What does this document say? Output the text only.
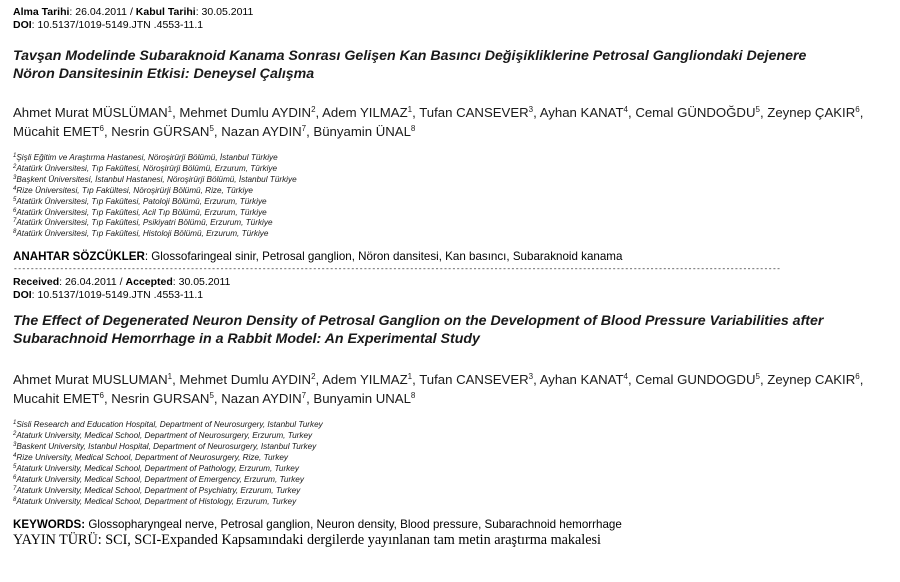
Alma Tarihi: 26.04.2011 / Kabul Tarihi: 30.05.2011
DOI: 10.5137/1019-5149.JTN .4553-11.1
Tavşan Modelinde Subaraknoid Kanama Sonrası Gelişen Kan Basıncı Değişikliklerine Petrosal Gangliondaki Dejenere
Nöron Dansitesinin Etkisi: Deneysel Çalışma
Ahmet Murat MÜSLÜMAN$^1$, Mehmet Dumlu AYDIN$^2$, Adem YILMAZ$^1$, Tufan CANSEVER$^3$, Ayhan KANAT$^4$, Cemal GÜNDOĞDU$^5$, Zeynep ÇAKIR$^6$, Mücahit EMET$^6$, Nesrin GÜRSAN$^5$, Nazan AYDIN$^7$, Bünyamin ÜNAL$^8$
$^1$Şişli Eğitim ve Araştırma Hastanesi, Nöroşirürji Bölümü, İstanbul Türkiye
$^2$Atatürk Üniversitesi, Tıp Fakültesi, Nöroşirürji Bölümü, Erzurum, Türkiye
$^3$Başkent Üniversitesi, İstanbul Hastanesi, Nöroşirürji Bölümü, İstanbul Türkiye
$^4$Rize Üniversitesi, Tıp Fakültesi, Nöroşirürji Bölümü, Rize, Türkiye
$^5$Atatürk Üniversitesi, Tıp Fakültesi, Patoloji Bölümü, Erzurum, Türkiye
$^6$Atatürk Üniversitesi, Tıp Fakültesi, Acil Tıp Bölümü, Erzurum, Türkiye
$^7$Atatürk Üniversitesi, Tıp Fakültesi, Psikiyatri Bölümü, Erzurum, Türkiye
$^8$Atatürk Üniversitesi, Tıp Fakültesi, Histoloji Bölümü, Erzurum, Türkiye
ANAHTAR SÖZCÜKLER: Glossofaringeal sinir, Petrosal ganglion, Nöron dansitesi, Kan basıncı, Subaraknoid kanama
--------------------------------------------------------------------------------------------------------------------------------------------------------------------------------------
Received: 26.04.2011 / Accepted: 30.05.2011
DOI: 10.5137/1019-5149.JTN .4553-11.1
The Effect of Degenerated Neuron Density of Petrosal Ganglion on the Development of Blood Pressure Variabilities after
Subarachnoid Hemorrhage in a Rabbit Model: An Experimental Study
Ahmet Murat MUSLUMAN$^1$, Mehmet Dumlu AYDIN$^2$, Adem YILMAZ$^1$, Tufan CANSEVER$^3$, Ayhan KANAT$^4$, Cemal GUNDOGDU$^5$, Zeynep CAKIR$^6$, Mucahit EMET$^6$, Nesrin GURSAN$^5$, Nazan AYDIN$^7$, Bunyamin UNAL$^8$
$^1$Sisli Research and Education Hospital, Department of Neurosurgery, Istanbul Turkey
$^2$Ataturk University, Medical School, Department of Neurosurgery, Erzurum, Turkey
$^3$Baskent University, Istanbul Hospital, Department of Neurosurgery, Istanbul Turkey
$^4$Rize University, Medical School, Department of Neurosurgery, Rize, Turkey
$^5$Ataturk University, Medical School, Department of Pathology, Erzurum, Turkey
$^6$Ataturk University, Medical School, Department of Emergency, Erzurum, Turkey
$^7$Ataturk University, Medical School, Department of Psychiatry, Erzurum, Turkey
$^8$Ataturk University, Medical School, Department of Histology, Erzurum, Turkey
KEYWORDS: Glossopharyngeal nerve, Petrosal ganglion, Neuron density, Blood pressure, Subarachnoid hemorrhage
YAYIN TÜRÜ: SCI, SCI-Expanded Kapsamındaki dergilerde yayınlanan tam metin araştırma makalesi
